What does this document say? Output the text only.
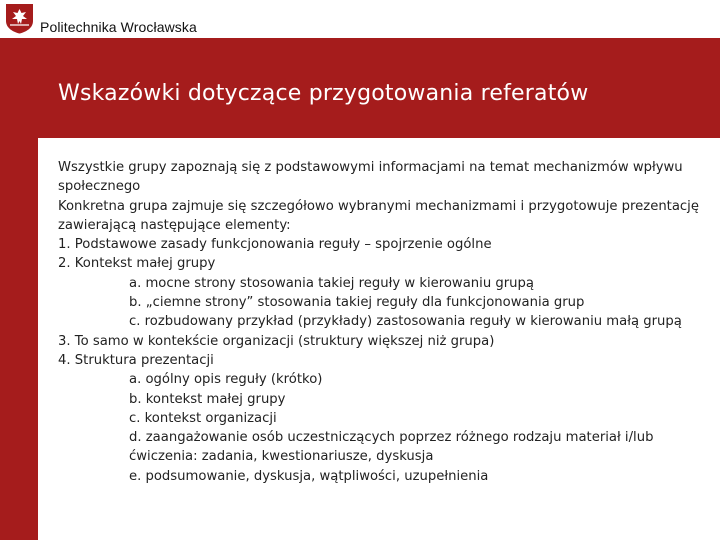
Politechnika Wrocławska
Wskazówki dotyczące przygotowania referatów
Wszystkie grupy zapoznają się z podstawowymi informacjami na temat mechanizmów wpływu społecznego
Konkretna grupa zajmuje się szczegółowo wybranymi mechanizmami i przygotowuje prezentację zawierającą następujące elementy:
1. Podstawowe zasady funkcjonowania reguły – spojrzenie ogólne
2. Kontekst małej grupy
a. mocne strony stosowania takiej reguły w kierowaniu grupą
b. „ciemne strony” stosowania takiej reguły dla funkcjonowania grup
c. rozbudowany przykład (przykłady) zastosowania reguły w kierowaniu małą grupą
3. To samo w kontekście organizacji (struktury większej niż grupa)
4. Struktura prezentacji
a. ogólny opis reguły (krótko)
b. kontekst małej grupy
c. kontekst organizacji
d. zaangażowanie osób uczestniczących poprzez różnego rodzaju materiał i/lub ćwiczenia: zadania, kwestionariusze, dyskusja
e. podsumowanie, dyskusja, wątpliwości, uzupełnienia
